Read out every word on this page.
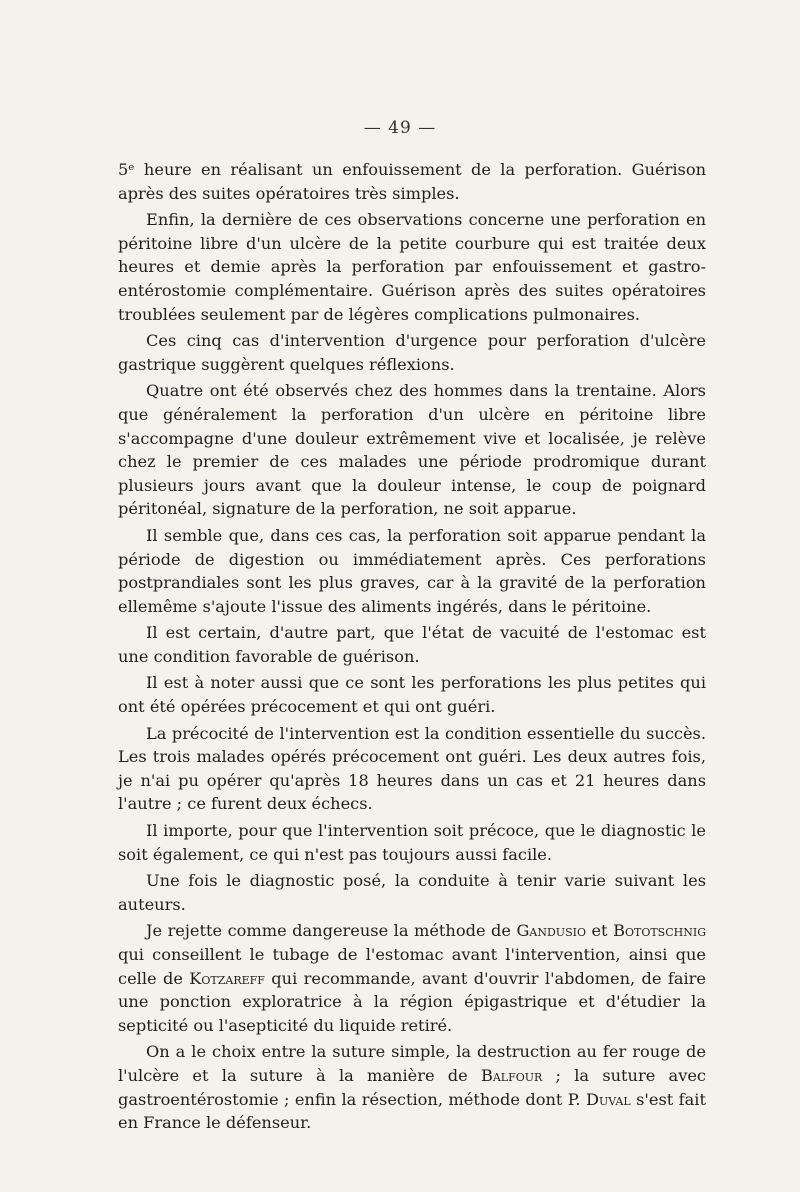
— 49 —

5ᵉ heure en réalisant un enfouissement de la perforation. Guérison après des suites opératoires très simples.

Enfin, la dernière de ces observations concerne une perforation en péritoine libre d'un ulcère de la petite courbure qui est traitée deux heures et demie après la perforation par enfouissement et gastro-entérostomie complémentaire. Guérison après des suites opératoires troublées seulement par de légères complications pulmonaires.

Ces cinq cas d'intervention d'urgence pour perforation d'ulcère gastrique suggèrent quelques réflexions.

Quatre ont été observés chez des hommes dans la trentaine. Alors que généralement la perforation d'un ulcère en péritoine libre s'accompagne d'une douleur extrêmement vive et localisée, je relève chez le premier de ces malades une période prodromique durant plusieurs jours avant que la douleur intense, le coup de poignard péritonéal, signature de la perforation, ne soit apparue.

Il semble que, dans ces cas, la perforation soit apparue pendant la période de digestion ou immédiatement après. Ces perforations postprandiales sont les plus graves, car à la gravité de la perforation ellemême s'ajoute l'issue des aliments ingérés, dans le péritoine.

Il est certain, d'autre part, que l'état de vacuité de l'estomac est une condition favorable de guérison.

Il est à noter aussi que ce sont les perforations les plus petites qui ont été opérées précocement et qui ont guéri.

La précocité de l'intervention est la condition essentielle du succès. Les trois malades opérés précocement ont guéri. Les deux autres fois, je n'ai pu opérer qu'après 18 heures dans un cas et 21 heures dans l'autre ; ce furent deux échecs.

Il importe, pour que l'intervention soit précoce, que le diagnostic le soit également, ce qui n'est pas toujours aussi facile.

Une fois le diagnostic posé, la conduite à tenir varie suivant les auteurs.

Je rejette comme dangereuse la méthode de Gandusio et Bototschnig qui conseillent le tubage de l'estomac avant l'intervention, ainsi que celle de Kotzareff qui recommande, avant d'ouvrir l'abdomen, de faire une ponction exploratrice à la région épigastrique et d'étudier la septicité ou l'asepticité du liquide retiré.

On a le choix entre la suture simple, la destruction au fer rouge de l'ulcère et la suture à la manière de Balfour ; la suture avec gastroentérostomie ; enfin la résection, méthode dont P. Duval s'est fait en France le défenseur.
